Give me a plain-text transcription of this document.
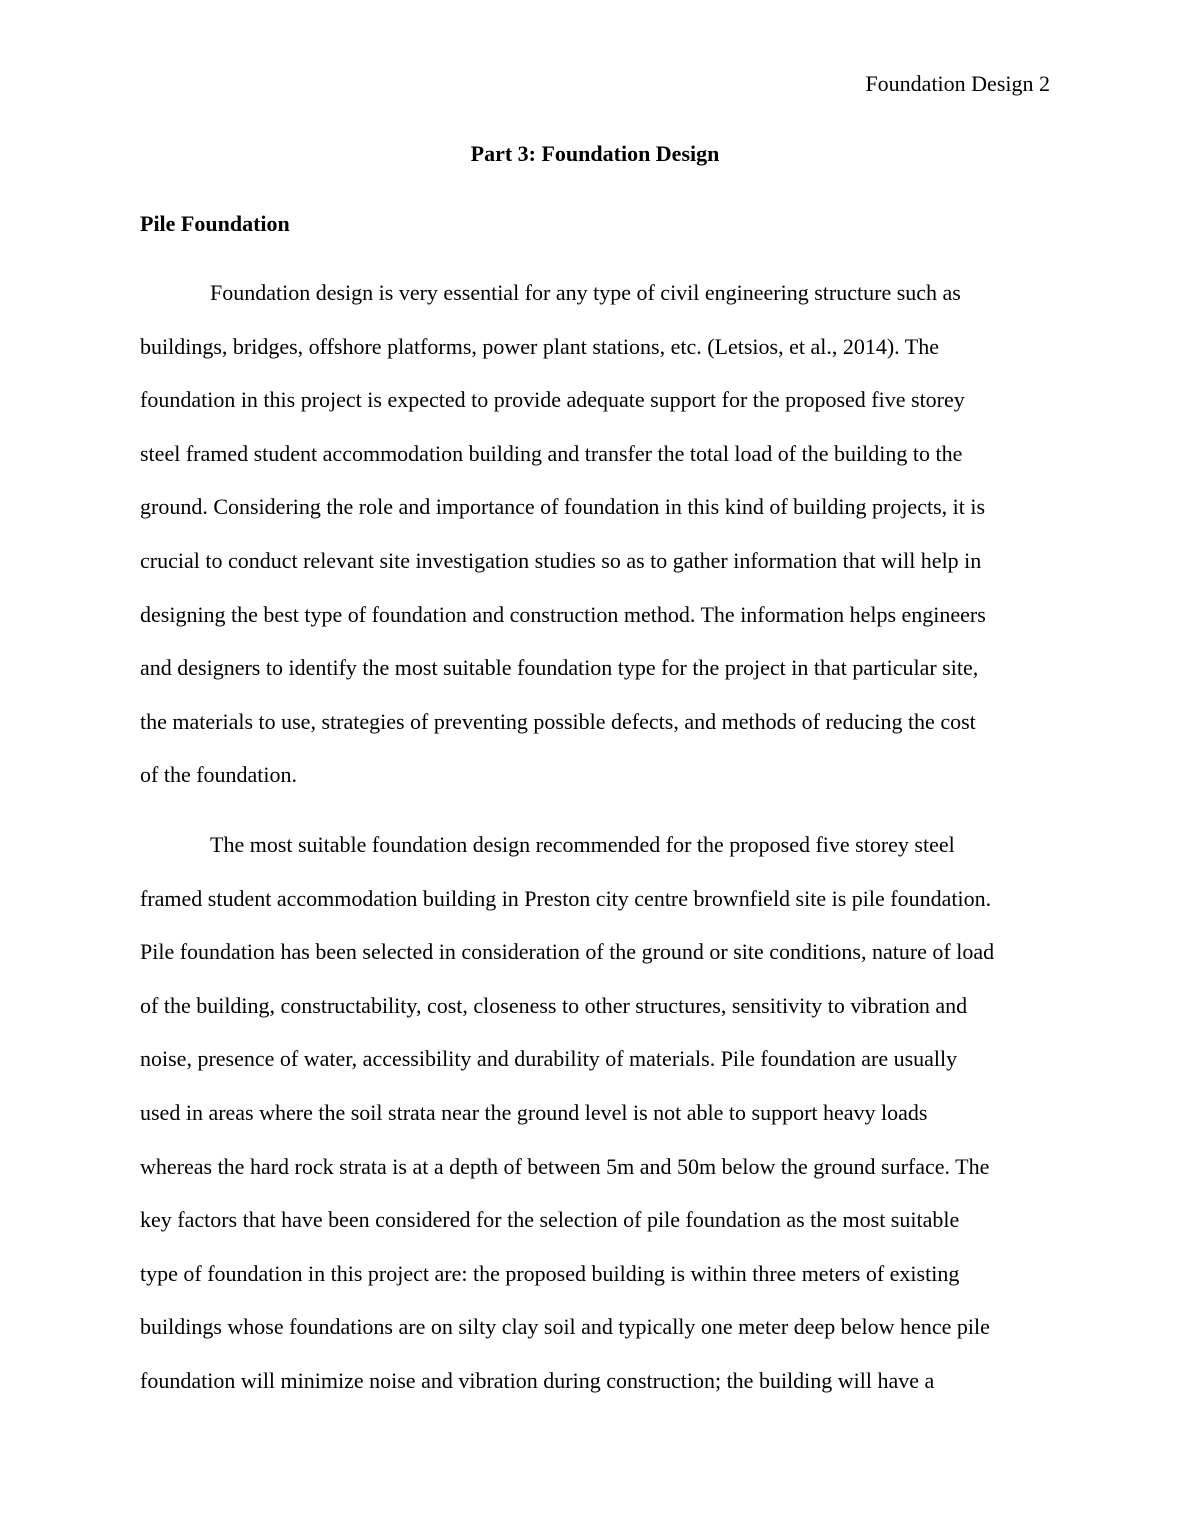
Foundation Design 2
Part 3: Foundation Design
Pile Foundation
Foundation design is very essential for any type of civil engineering structure such as
buildings, bridges, offshore platforms, power plant stations, etc. (Letsios, et al., 2014). The
foundation in this project is expected to provide adequate support for the proposed five storey
steel framed student accommodation building and transfer the total load of the building to the
ground. Considering the role and importance of foundation in this kind of building projects, it is
crucial to conduct relevant site investigation studies so as to gather information that will help in
designing the best type of foundation and construction method. The information helps engineers
and designers to identify the most suitable foundation type for the project in that particular site,
the materials to use, strategies of preventing possible defects, and methods of reducing the cost
of the foundation.
The most suitable foundation design recommended for the proposed five storey steel
framed student accommodation building in Preston city centre brownfield site is pile foundation.
Pile foundation has been selected in consideration of the ground or site conditions, nature of load
of the building, constructability, cost, closeness to other structures, sensitivity to vibration and
noise, presence of water, accessibility and durability of materials. Pile foundation are usually
used in areas where the soil strata near the ground level is not able to support heavy loads
whereas the hard rock strata is at a depth of between 5m and 50m below the ground surface. The
key factors that have been considered for the selection of pile foundation as the most suitable
type of foundation in this project are: the proposed building is within three meters of existing
buildings whose foundations are on silty clay soil and typically one meter deep below hence pile
foundation will minimize noise and vibration during construction; the building will have a
